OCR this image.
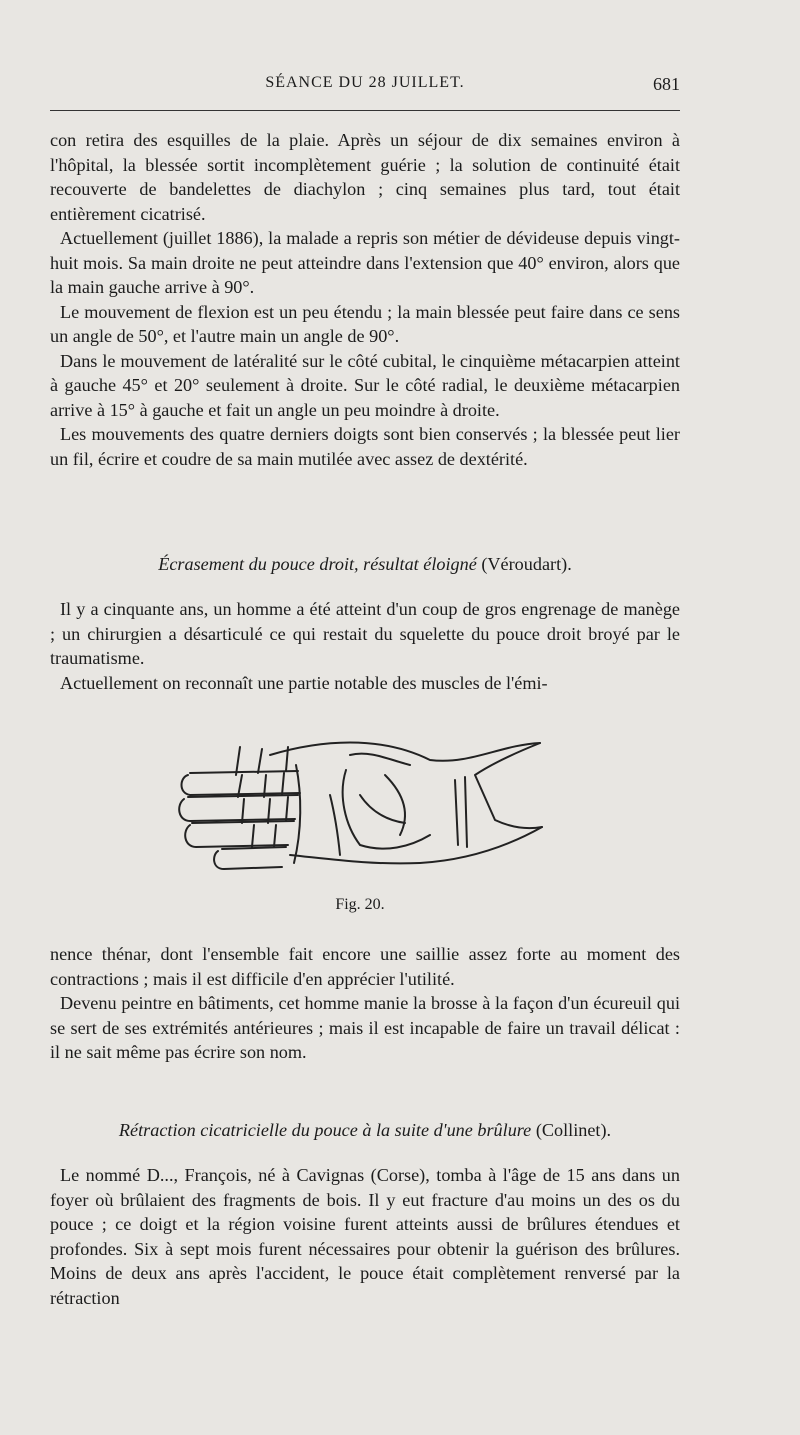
SÉANCE DU 28 JUILLET.	681

con retira des esquilles de la plaie. Après un séjour de dix semaines environ à l'hôpital, la blessée sortit incomplètement guérie ; la solution de continuité était recouverte de bandelettes de diachylon ; cinq semaines plus tard, tout était entièrement cicatrisé.

Actuellement (juillet 1886), la malade a repris son métier de dévideuse depuis vingt-huit mois. Sa main droite ne peut atteindre dans l'extension que 40° environ, alors que la main gauche arrive à 90°.

Le mouvement de flexion est un peu étendu ; la main blessée peut faire dans ce sens un angle de 50°, et l'autre main un angle de 90°.

Dans le mouvement de latéralité sur le côté cubital, le cinquième métacarpien atteint à gauche 45° et 20° seulement à droite. Sur le côté radial, le deuxième métacarpien arrive à 15° à gauche et fait un angle un peu moindre à droite.

Les mouvements des quatre derniers doigts sont bien conservés ; la blessée peut lier un fil, écrire et coudre de sa main mutilée avec assez de dextérité.

Écrasement du pouce droit, résultat éloigné (Véroudart).

Il y a cinquante ans, un homme a été atteint d'un coup de gros engrenage de manège ; un chirurgien a désarticulé ce qui restait du squelette du pouce droit broyé par le traumatisme.

Actuellement on reconnaît une partie notable des muscles de l'émi-

Fig. 20.

nence thénar, dont l'ensemble fait encore une saillie assez forte au moment des contractions ; mais il est difficile d'en apprécier l'utilité.

Devenu peintre en bâtiments, cet homme manie la brosse à la façon d'un écureuil qui se sert de ses extrémités antérieures ; mais il est incapable de faire un travail délicat : il ne sait même pas écrire son nom.

Rétraction cicatricielle du pouce à la suite d'une brûlure (Collinet).

Le nommé D..., François, né à Cavignas (Corse), tomba à l'âge de 15 ans dans un foyer où brûlaient des fragments de bois. Il y eut fracture d'au moins un des os du pouce ; ce doigt et la région voisine furent atteints aussi de brûlures étendues et profondes. Six à sept mois furent nécessaires pour obtenir la guérison des brûlures. Moins de deux ans après l'accident, le pouce était complètement renversé par la rétraction
